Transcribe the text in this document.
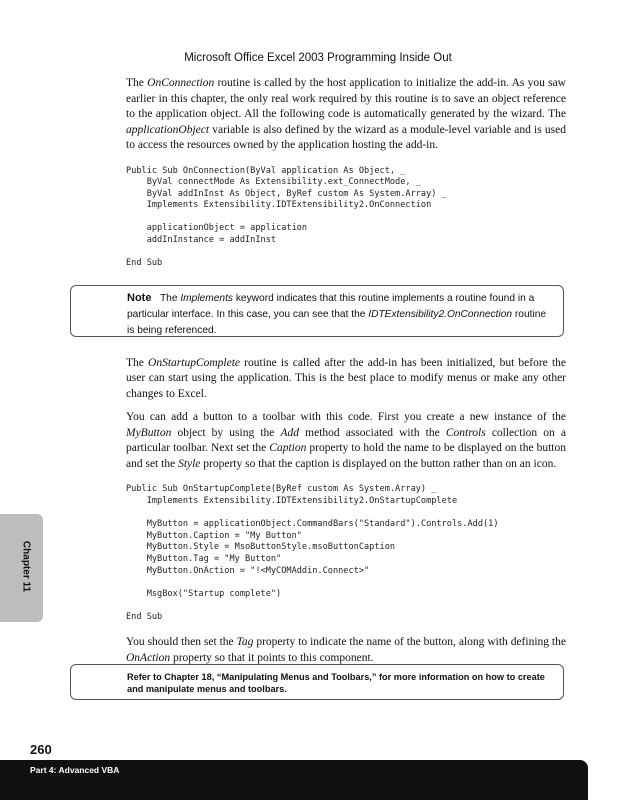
Microsoft Office Excel 2003 Programming Inside Out

The OnConnection routine is called by the host application to initialize the add-in. As you saw earlier in this chapter, the only real work required by this routine is to save an object reference to the application object. All the following code is automatically generated by the wizard. The applicationObject variable is also defined by the wizard as a module-level variable and is used to access the resources owned by the application hosting the add-in.

Public Sub OnConnection(ByVal application As Object, _
ByVal connectMode As Extensibility.ext_ConnectMode, _
ByVal addInInst As Object, ByRef custom As System.Array) _
Implements Extensibility.IDTExtensibility2.OnConnection

applicationObject = application
addInInstance = addInInst

End Sub

The OnStartupComplete routine is called after the add-in has been initialized, but before the user can start using the application. This is the best place to modify menus or make any other changes to Excel.

You can add a button to a toolbar with this code. First you create a new instance of the MyButton object by using the Add method associated with the Controls collection on a particular toolbar. Next set the Caption property to hold the name to be displayed on the button and set the Style property so that the caption is displayed on the button rather than on an icon.

Public Sub OnStartupComplete(ByRef custom As System.Array) _
Implements Extensibility.IDTExtensibility2.OnStartupComplete

MyButton = applicationObject.CommandBars("Standard").Controls.Add(1)
MyButton.Caption = "My Button"
MyButton.Style = MsoButtonStyle.msoButtonCaption
MyButton.Tag = "My Button"
MyButton.OnAction = "!<MyCOMAddin.Connect>"

MsgBox("Startup complete")

End Sub

You should then set the Tag property to indicate the name of the button, along with defining the OnAction property so that it points to this component.

Note The Implements keyword indicates that this routine implements a routine found in a particular interface. In this case, you can see that the IDTExtensibility2.OnConnection routine is being referenced.
Refer to Chapter 18, “Manipulating Menus and Toolbars,” for more information on how to create and manipulate menus and toolbars.
Chapter 11
260
Part 4: Advanced VBA
